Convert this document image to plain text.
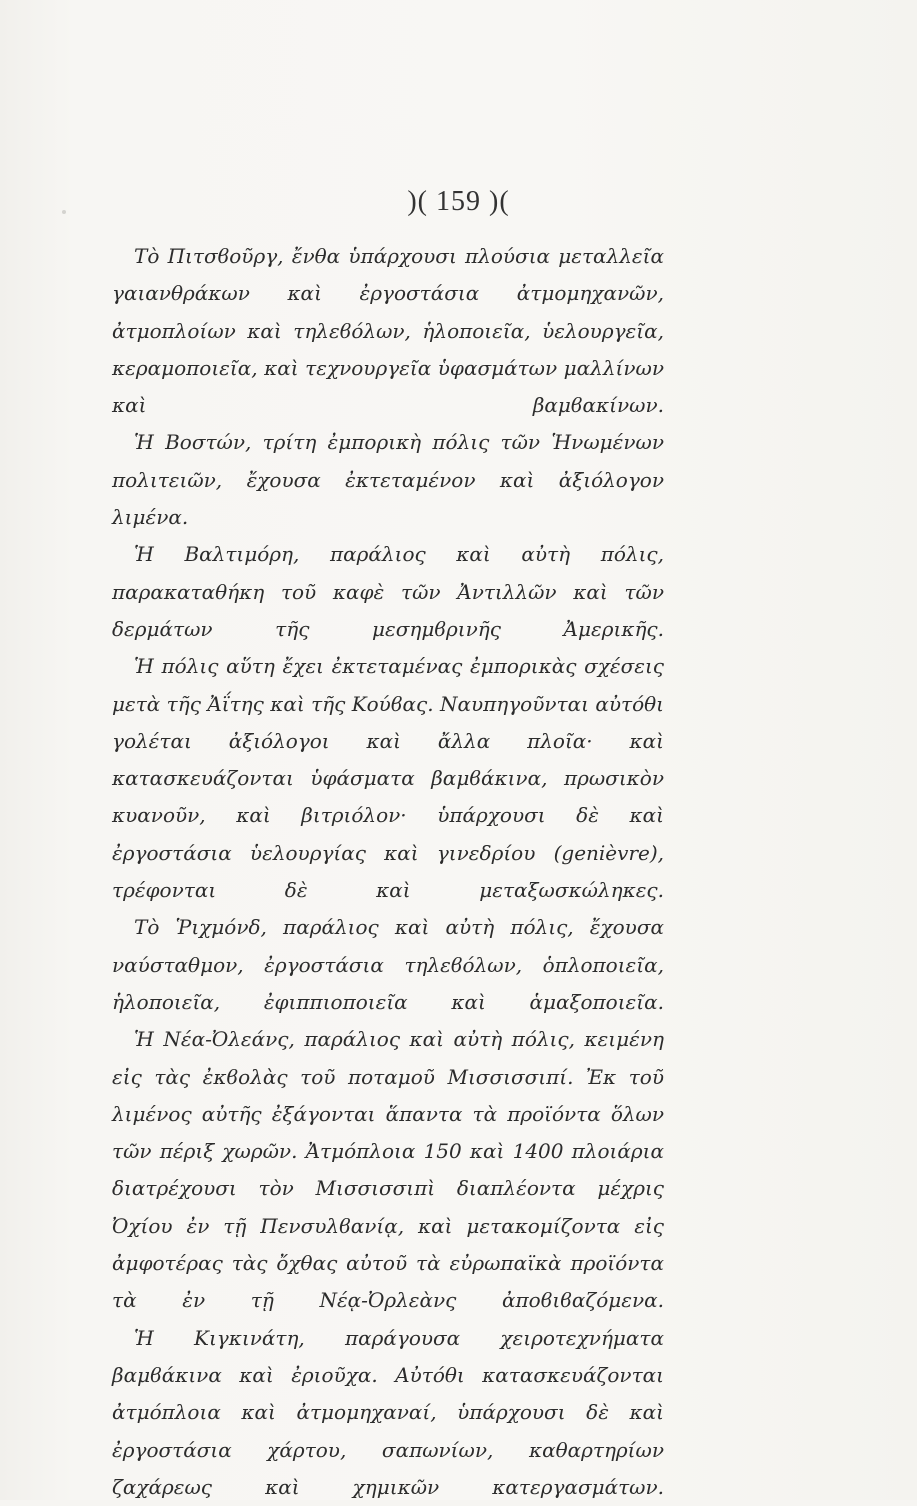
)( 159 )(

Τὸ Πιτσϐοῦργ, ἔνθα ὑπάρχουσι πλούσια μεταλλεῖα γαιανθράκων καὶ ἐργοστάσια ἀτμομηχανῶν, ἀτμοπλοίων καὶ τηλεϐόλων, ἡλοποιεῖα, ὑελουργεῖα, κεραμοποιεῖα, καὶ τεχνουργεῖα ὑφασμάτων μαλλίνων καὶ βαμϐακίνων.

Ἡ Βοστών, τρίτη ἐμπορικὴ πόλις τῶν Ἡνωμένων πολιτειῶν, ἔχουσα ἐκτεταμένον καὶ ἀξιόλογον λιμένα.

Ἡ Βαλτιμόρη, παράλιος καὶ αὐτὴ πόλις, παρακαταθήκη τοῦ καφὲ τῶν Ἀντιλλῶν καὶ τῶν δερμάτων τῆς μεσημϐρινῆς Ἀμερικῆς.

Ἡ πόλις αὕτη ἔχει ἐκτεταμένας ἐμπορικὰς σχέσεις μετὰ τῆς Ἀΐτης καὶ τῆς Κούϐας. Ναυπηγοῦνται αὐτόθι γολέται ἀξιόλογοι καὶ ἄλλα πλοῖα· καὶ κατασκευάζονται ὑφάσματα βαμϐάκινα, πρωσικὸν κυανοῦν, καὶ βιτριόλον· ὑπάρχουσι δὲ καὶ ἐργοστάσια ὑελουργίας καὶ γινεδρίου (genièvre), τρέφονται δὲ καὶ μεταξωσκώληκες.

Τὸ Ῥιχμόνδ, παράλιος καὶ αὐτὴ πόλις, ἔχουσα ναύσταθμον, ἐργοστάσια τηλεϐόλων, ὁπλοποιεῖα, ἡλοποιεῖα, ἐφιππιοποιεῖα καὶ ἁμαξοποιεῖα.

Ἡ Νέα-Ὀλεάνς, παράλιος καὶ αὐτὴ πόλις, κειμένη εἰς τὰς ἐκϐολὰς τοῦ ποταμοῦ Μισσισσιπί. Ἐκ τοῦ λιμένος αὐτῆς ἐξάγονται ἅπαντα τὰ προϊόντα ὅλων τῶν πέριξ χωρῶν. Ἀτμόπλοια 150 καὶ 1400 πλοιάρια διατρέχουσι τὸν Μισσισσιπὶ διαπλέοντα μέχρις Ὀχίου ἐν τῇ Πενσυλϐανίᾳ, καὶ μετακομίζοντα εἰς ἀμφοτέρας τὰς ὄχθας αὐτοῦ τὰ εὐρωπαϊκὰ προϊόντα τὰ ἐν τῇ Νέᾳ-Ὀρλεὰνς ἀποϐιϐαζόμενα.

Ἡ Κιγκινάτη, παράγουσα χειροτεχνήματα βαμϐάκινα καὶ ἐριοῦχα. Αὐτόθι κατασκευάζονται ἀτμόπλοια καὶ ἀτμομηχαναί, ὑπάρχουσι δὲ καὶ ἐργοστάσια χάρτου, σαπωνίων, καθαρτηρίων ζαχάρεως καὶ χημικῶν κατεργασμάτων.
